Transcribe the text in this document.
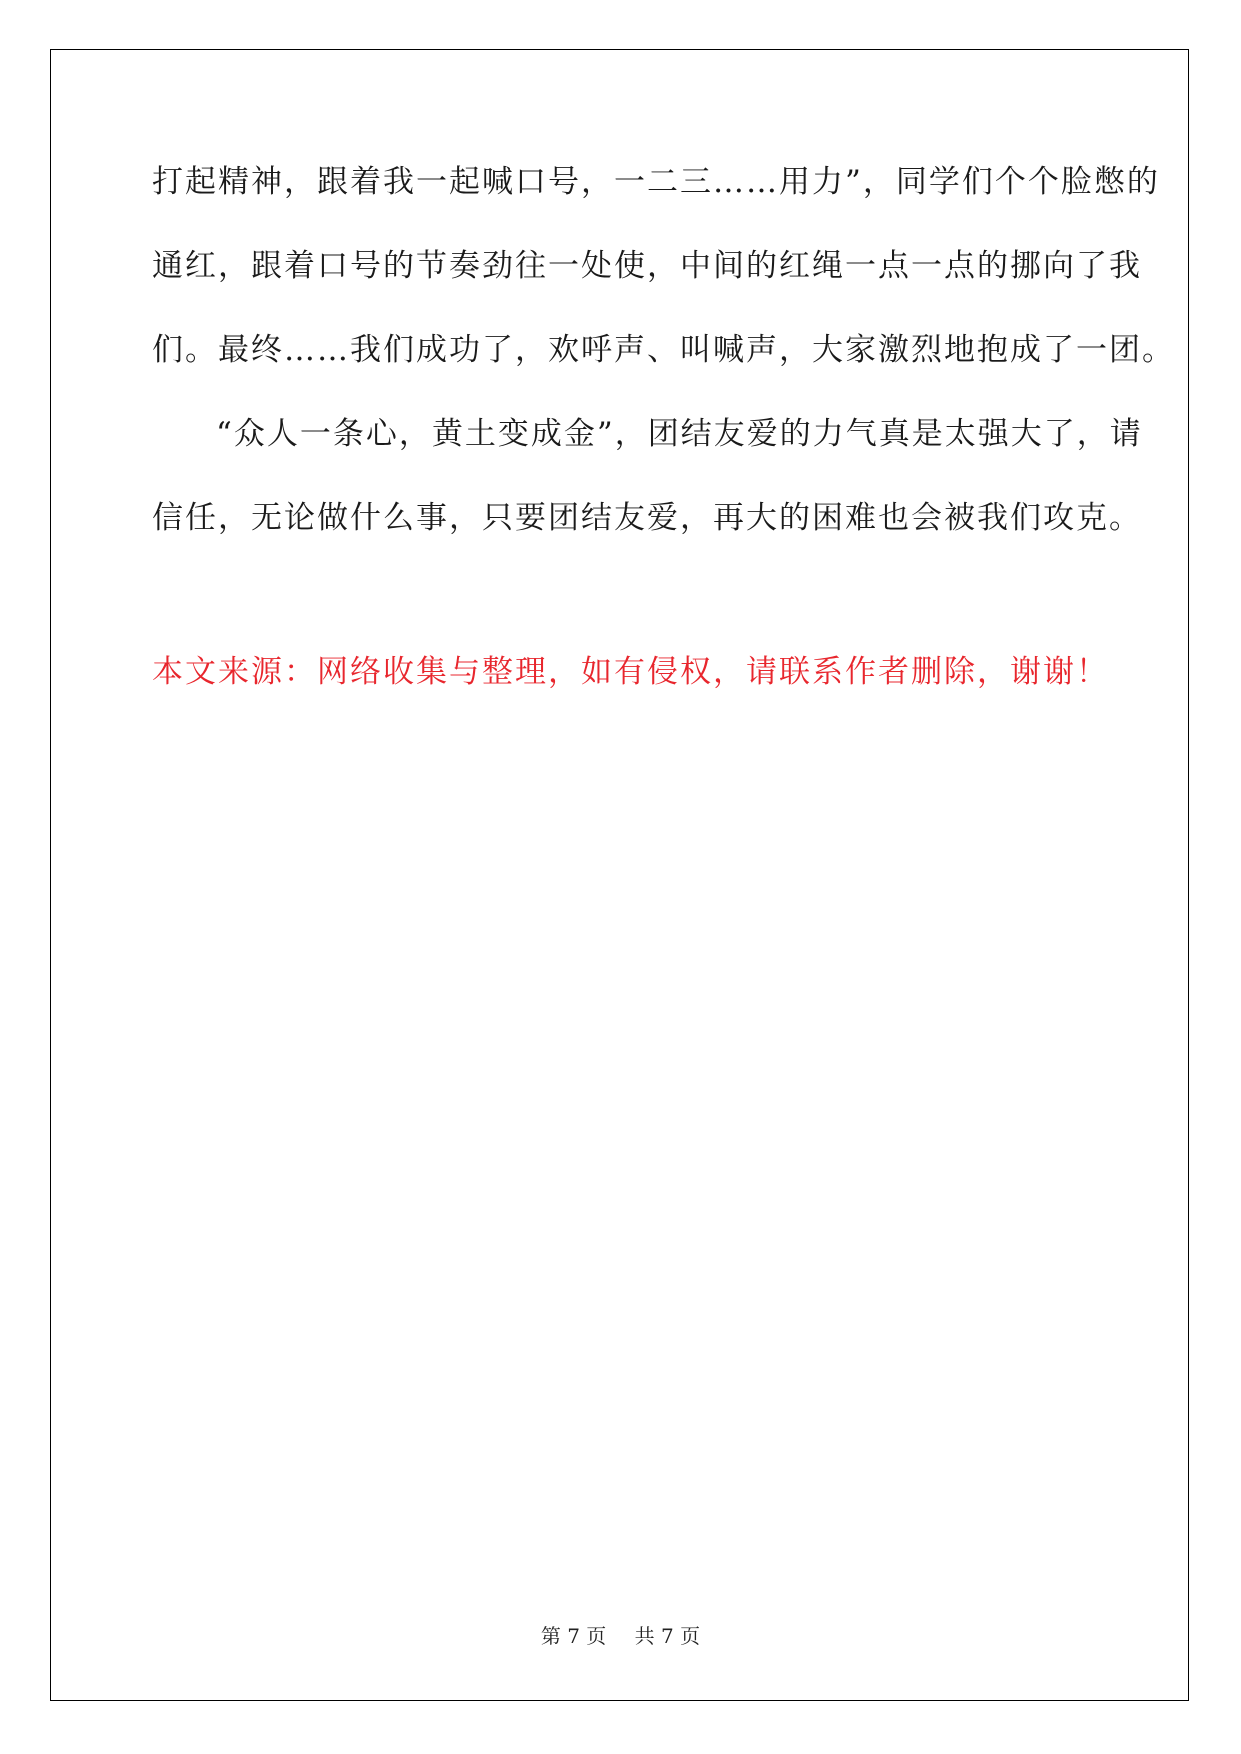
打起精神，跟着我一起喊口号，一二三……用力”，同学们个个脸憋的
通红，跟着口号的节奏劲往一处使，中间的红绳一点一点的挪向了我
们。最终……我们成功了，欢呼声、叫喊声，大家激烈地抱成了一团。
“众人一条心，黄土变成金”，团结友爱的力气真是太强大了，请
信任，无论做什么事，只要团结友爱，再大的困难也会被我们攻克。
本文来源：网络收集与整理，如有侵权，请联系作者删除，谢谢！
第 7 页 共 7 页
